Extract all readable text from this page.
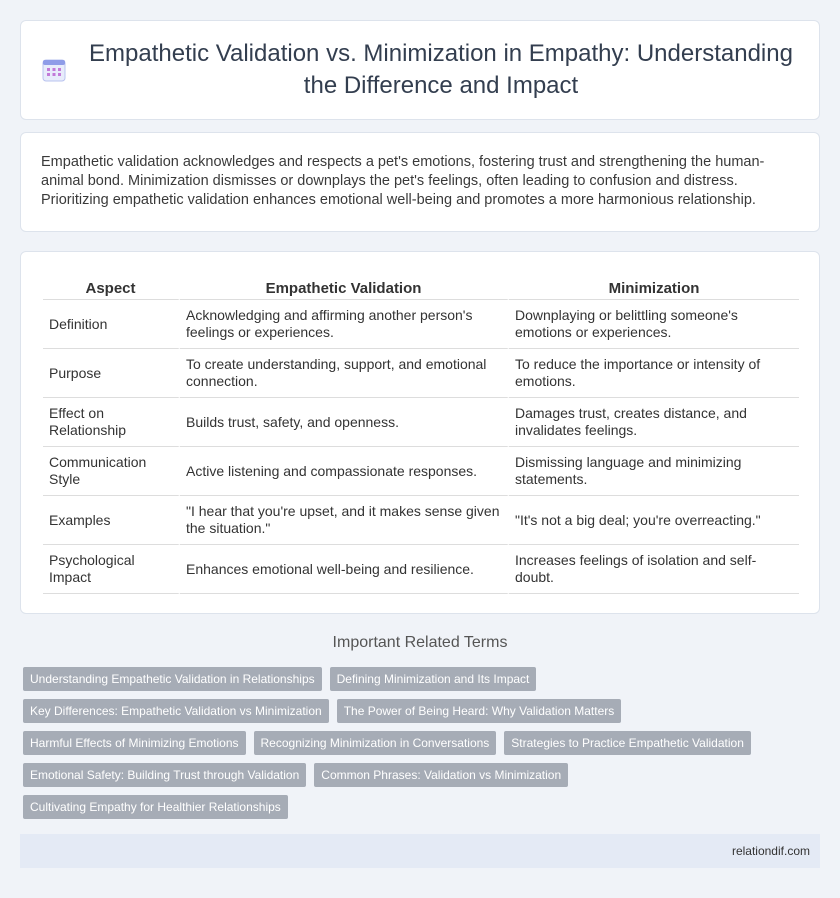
Empathetic Validation vs. Minimization in Empathy: Understanding the Difference and Impact

Empathetic validation acknowledges and respects a pet's emotions, fostering trust and strengthening the human-animal bond. Minimization dismisses or downplays the pet's feelings, often leading to confusion and distress. Prioritizing empathetic validation enhances emotional well-being and promotes a more harmonious relationship.

Aspect	Empathetic Validation	Minimization
Definition	Acknowledging and affirming another person's feelings or experiences.	Downplaying or belittling someone's emotions or experiences.
Purpose	To create understanding, support, and emotional connection.	To reduce the importance or intensity of emotions.
Effect on Relationship	Builds trust, safety, and openness.	Damages trust, creates distance, and invalidates feelings.
Communication Style	Active listening and compassionate responses.	Dismissing language and minimizing statements.
Examples	"I hear that you're upset, and it makes sense given the situation."	"It's not a big deal; you're overreacting."
Psychological Impact	Enhances emotional well-being and resilience.	Increases feelings of isolation and self-doubt.
Important Related Terms
Understanding Empathetic Validation in Relationships	Defining Minimization and Its Impact
Key Differences: Empathetic Validation vs Minimization	The Power of Being Heard: Why Validation Matters
Harmful Effects of Minimizing Emotions	Recognizing Minimization in Conversations	Strategies to Practice Empathetic Validation
Emotional Safety: Building Trust through Validation	Common Phrases: Validation vs Minimization
Cultivating Empathy for Healthier Relationships
relationdif.com
